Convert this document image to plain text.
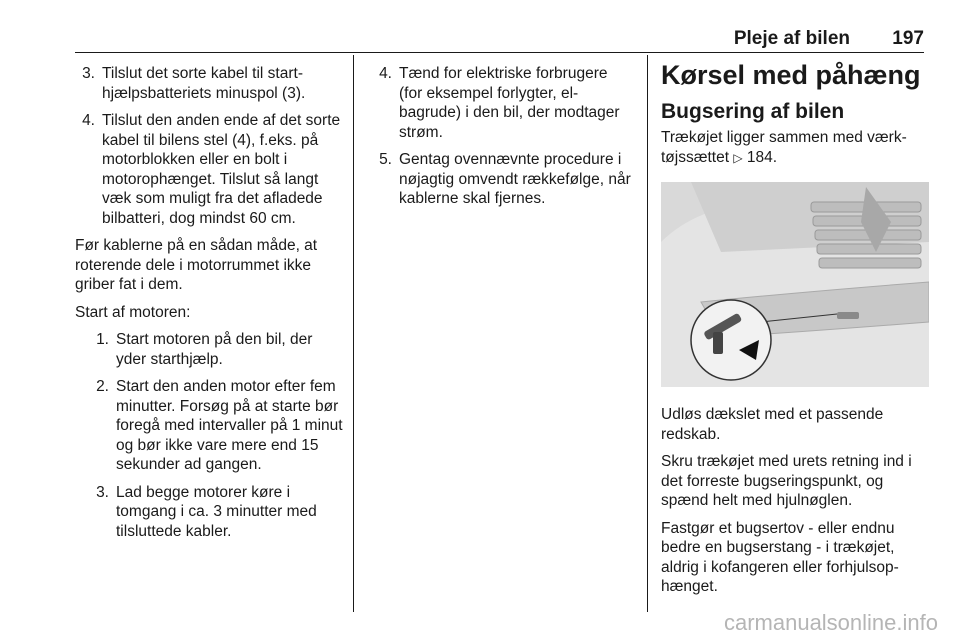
Pleje af bilen 197
3. Tilslut det sorte kabel til starthjælpsbatteriets minuspol (3).
4. Tilslut den anden ende af det sorte kabel til bilens stel (4), f.eks. på motorblokken eller en bolt i motorophænget. Tilslut så langt væk som muligt fra det afladede bilbatteri, dog mindst 60 cm.

Før kablerne på en sådan måde, at roterende dele i motorrummet ikke griber fat i dem.

Start af motoren:

1. Start motoren på den bil, der yder starthjælp.
2. Start den anden motor efter fem minutter. Forsøg på at starte bør foregå med intervaller på 1 minut og bør ikke vare mere end 15 sekunder ad gangen.
3. Lad begge motorer køre i tomgang i ca. 3 minutter med tilsluttede kabler.
4. Tænd for elektriske forbrugere (for eksempel forlygter, el-bagrude) i den bil, der modtager strøm.
5. Gentag ovennævnte procedure i nøjagtig omvendt rækkefølge, når kablerne skal fjernes.
Kørsel med påhæng
Bugsering af bilen

Trækøjet ligger sammen med værktøjssættet ▷ 184.

Udløs dækslet med et passende redskab.

Skru trækøjet med urets retning ind i det forreste bugseringspunkt, og spænd helt med hjulnøglen.

Fastgør et bugsertov - eller endnu bedre en bugserstang - i trækøjet, aldrig i kofangeren eller forhjulsophænget.

carmanualsonline.info
